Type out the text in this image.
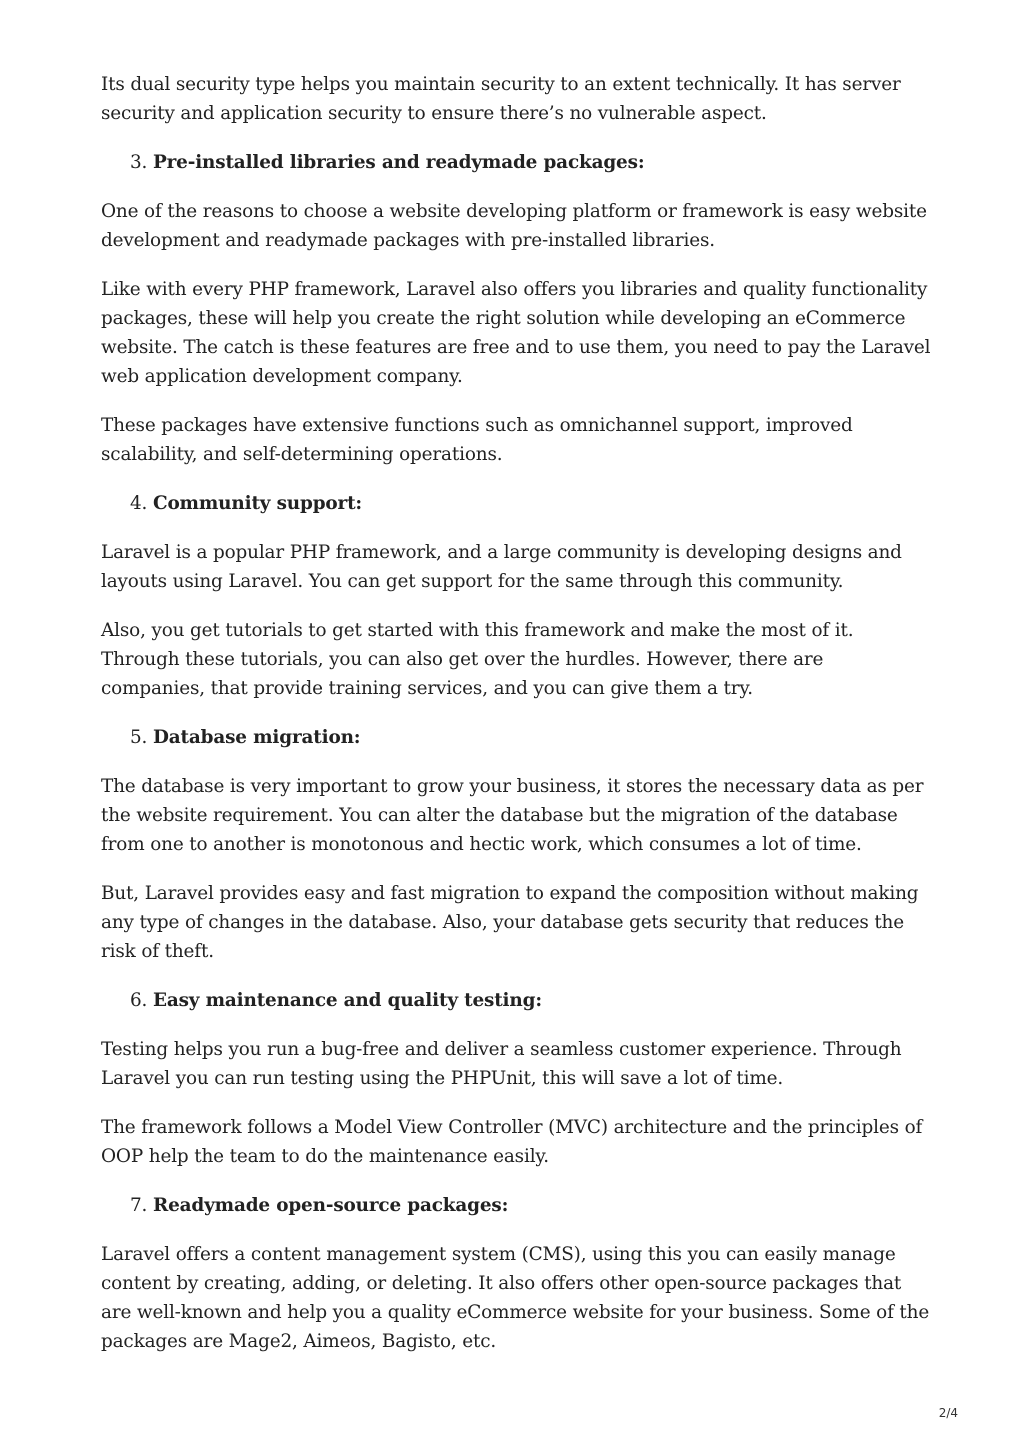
Its dual security type helps you maintain security to an extent technically. It has server security and application security to ensure there’s no vulnerable aspect.

3. Pre-installed libraries and readymade packages:

One of the reasons to choose a website developing platform or framework is easy website development and readymade packages with pre-installed libraries.

Like with every PHP framework, Laravel also offers you libraries and quality functionality packages, these will help you create the right solution while developing an eCommerce website. The catch is these features are free and to use them, you need to pay the Laravel web application development company.

These packages have extensive functions such as omnichannel support, improved scalability, and self-determining operations.

4. Community support:

Laravel is a popular PHP framework, and a large community is developing designs and layouts using Laravel. You can get support for the same through this community.

Also, you get tutorials to get started with this framework and make the most of it. Through these tutorials, you can also get over the hurdles. However, there are companies, that provide training services, and you can give them a try.

5. Database migration:

The database is very important to grow your business, it stores the necessary data as per the website requirement. You can alter the database but the migration of the database from one to another is monotonous and hectic work, which consumes a lot of time.

But, Laravel provides easy and fast migration to expand the composition without making any type of changes in the database. Also, your database gets security that reduces the risk of theft.

6. Easy maintenance and quality testing:

Testing helps you run a bug-free and deliver a seamless customer experience. Through Laravel you can run testing using the PHPUnit, this will save a lot of time.

The framework follows a Model View Controller (MVC) architecture and the principles of OOP help the team to do the maintenance easily.

7. Readymade open-source packages:

Laravel offers a content management system (CMS), using this you can easily manage content by creating, adding, or deleting. It also offers other open-source packages that are well-known and help you a quality eCommerce website for your business. Some of the packages are Mage2, Aimeos, Bagisto, etc.

2/4
